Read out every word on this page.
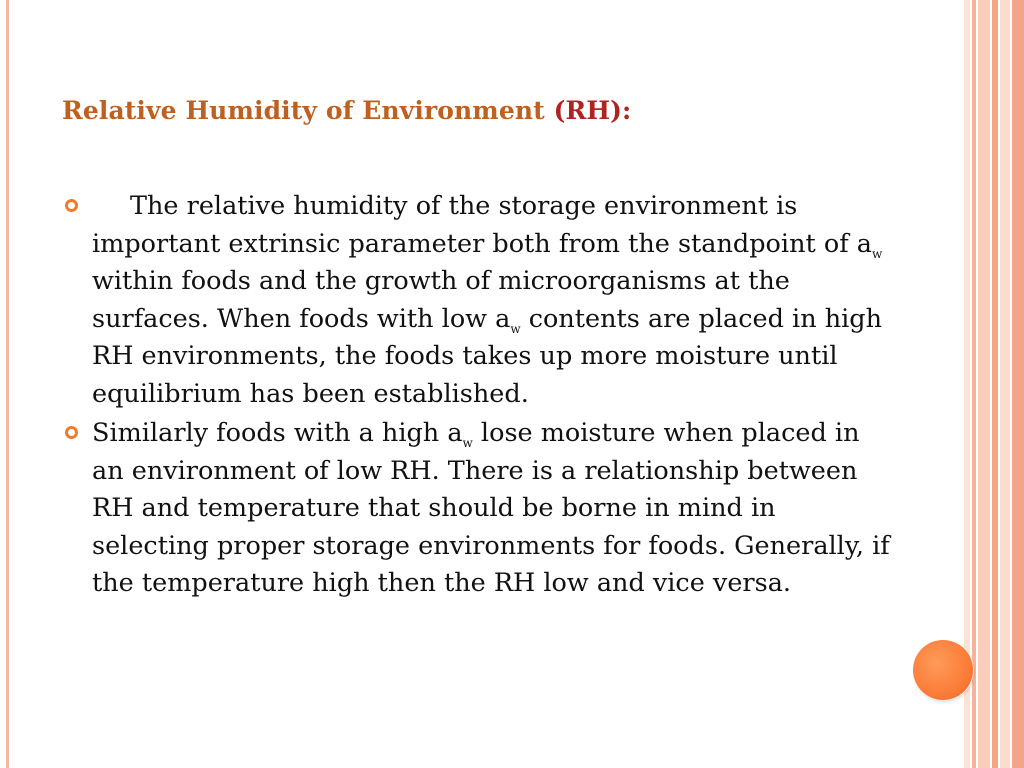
Relative Humidity of Environment (RH):
The relative humidity of the storage environment is important extrinsic parameter both from the standpoint of $a_w$ within foods and the growth of microorganisms at the surfaces. When foods with low $a_w$ contents are placed in high RH environments, the foods takes up more moisture until equilibrium has been established.
Similarly foods with a high $a_w$ lose moisture when placed in an environment of low RH. There is a relationship between RH and temperature that should be borne in mind in selecting proper storage environments for foods. Generally, if the temperature high then the RH low and vice versa.
